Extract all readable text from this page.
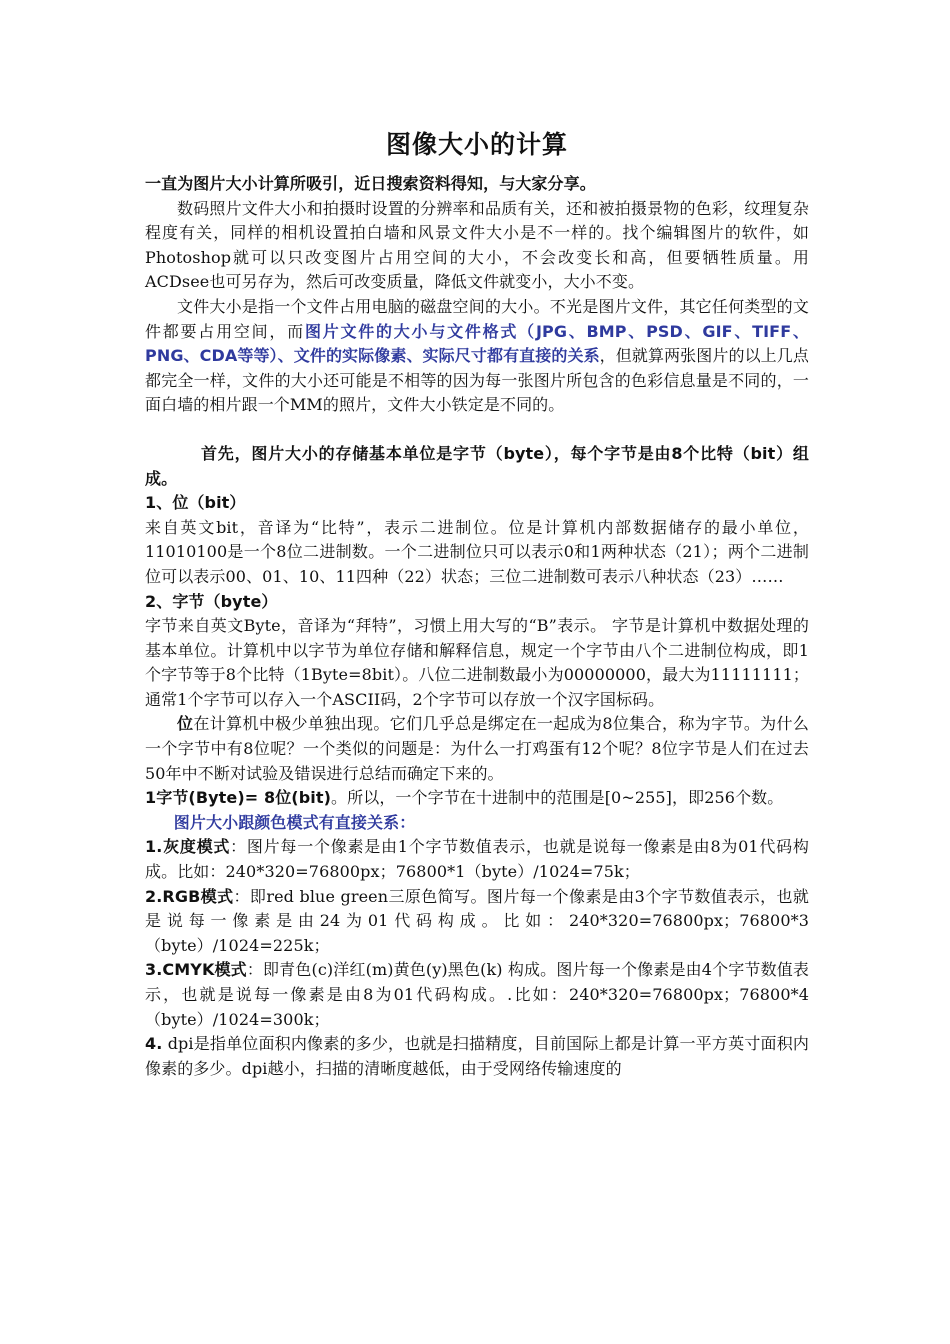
图像大小的计算

一直为图片大小计算所吸引，近日搜索资料得知，与大家分享。

数码照片文件大小和拍摄时设置的分辨率和品质有关，还和被拍摄景物的色彩，纹理复杂程度有关，同样的相机设置拍白墙和风景文件大小是不一样的。找个编辑图片的软件，如Photoshop就可以只改变图片占用空间的大小，不会改变长和高，但要牺牲质量。用ACDsee也可另存为，然后可改变质量，降低文件就变小，大小不变。

文件大小是指一个文件占用电脑的磁盘空间的大小。不光是图片文件，其它任何类型的文件都要占用空间，而图片文件的大小与文件格式（JPG、BMP、PSD、GIF、TIFF、PNG、CDA等等）、文件的实际像素、实际尺寸都有直接的关系，但就算两张图片的以上几点都完全一样，文件的大小还可能是不相等的因为每一张图片所包含的色彩信息量是不同的，一面白墙的相片跟一个MM的照片，文件大小铁定是不同的。

首先，图片大小的存储基本单位是字节（byte），每个字节是由8个比特（bit）组成。

1、位（bit）

来自英文bit，音译为“比特”，表示二进制位。位是计算机内部数据储存的最小单位，11010100是一个8位二进制数。一个二进制位只可以表示0和1两种状态（21）；两个二进制位可以表示00、01、10、11四种（22）状态；三位二进制数可表示八种状态（23）……

2、字节（byte）

字节来自英文Byte，音译为“拜特”，习惯上用大写的“B”表示。 字节是计算机中数据处理的基本单位。计算机中以字节为单位存储和解释信息，规定一个字节由八个二进制位构成，即1个字节等于8个比特（1Byte=8bit）。八位二进制数最小为00000000，最大为11111111；通常1个字节可以存入一个ASCII码，2个字节可以存放一个汉字国标码。

位在计算机中极少单独出现。它们几乎总是绑定在一起成为8位集合，称为字节。为什么一个字节中有8位呢？一个类似的问题是：为什么一打鸡蛋有12个呢？8位字节是人们在过去50年中不断对试验及错误进行总结而确定下来的。

1字节(Byte)= 8位(bit)。所以，一个字节在十进制中的范围是[0~255]，即256个数。

图片大小跟颜色模式有直接关系：

1.灰度模式：图片每一个像素是由1个字节数值表示，也就是说每一像素是由8为01代码构成。比如：240*320=76800px；76800*1（byte）/1024=75k；

2.RGB模式：即red blue green三原色简写。图片每一个像素是由3个字节数值表示，也就是说每一像素是由24为01代码构成。比如：240*320=76800px；76800*3（byte）/1024=225k；

3.CMYK模式：即青色(c)洋红(m)黄色(y)黑色(k) 构成。图片每一个像素是由4个字节数值表示，也就是说每一像素是由8为01代码构成。.比如：240*320=76800px；76800*4（byte）/1024=300k；

4. dpi是指单位面积内像素的多少，也就是扫描精度，目前国际上都是计算一平方英寸面积内像素的多少。dpi越小，扫描的清晰度越低，由于受网络传输速度的
